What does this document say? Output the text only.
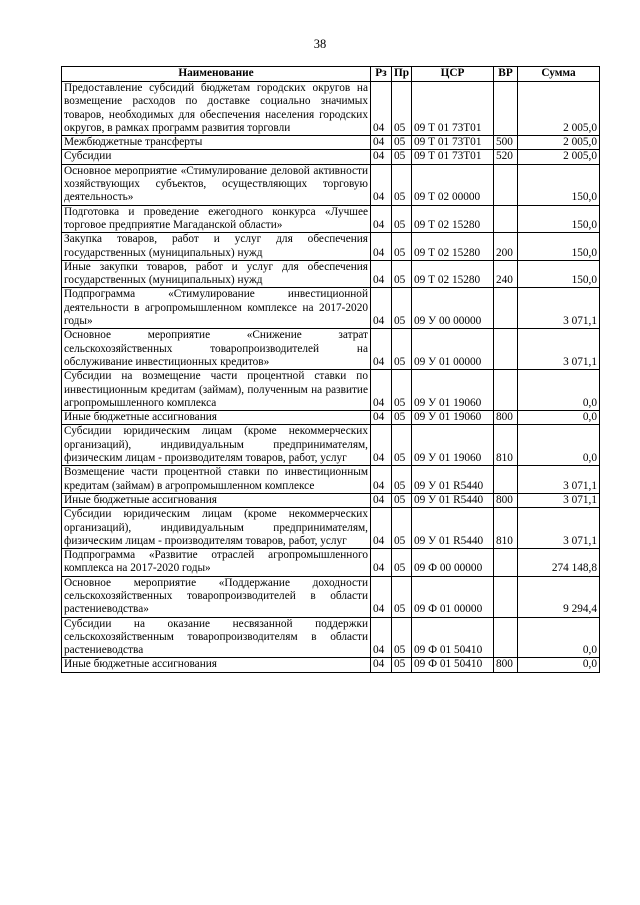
38
Наименование	Рз	Пр	ЦСР	ВР	Сумма
Предоставление субсидий бюджетам городских округов на возмещение расходов по доставке социально значимых товаров, необходимых для обеспечения населения городских округов, в рамках программ развития торговли	04	05	09 Т 01 73Т01		2 005,0
Межбюджетные трансферты	04	05	09 Т 01 73Т01	500	2 005,0
Субсидии	04	05	09 Т 01 73Т01	520	2 005,0
Основное мероприятие «Стимулирование деловой активности хозяйствующих субъектов, осуществляющих торговую деятельность»	04	05	09 Т 02 00000		150,0
Подготовка и проведение ежегодного конкурса «Лучшее торговое предприятие Магаданской области»	04	05	09 Т 02 15280		150,0
Закупка товаров, работ и услуг для обеспечения государственных (муниципальных) нужд	04	05	09 Т 02 15280	200	150,0
Иные закупки товаров, работ и услуг для обеспечения государственных (муниципальных) нужд	04	05	09 Т 02 15280	240	150,0
Подпрограмма «Стимулирование инвестиционной деятельности в агропромышленном комплексе на 2017-2020 годы»	04	05	09 У 00 00000		3 071,1
Основное мероприятие «Снижение затрат сельскохозяйственных товаропроизводителей на обслуживание инвестиционных кредитов»	04	05	09 У 01 00000		3 071,1
Субсидии на возмещение части процентной ставки по инвестиционным кредитам (займам), полученным на развитие агропромышленного комплекса	04	05	09 У 01 19060		0,0
Иные бюджетные ассигнования	04	05	09 У 01 19060	800	0,0
Субсидии юридическим лицам (кроме некоммерческих организаций), индивидуальным предпринимателям, физическим лицам - производителям товаров, работ, услуг	04	05	09 У 01 19060	810	0,0
Возмещение части процентной ставки по инвестиционным кредитам (займам) в агропромышленном комплексе	04	05	09 У 01 R5440		3 071,1
Иные бюджетные ассигнования	04	05	09 У 01 R5440	800	3 071,1
Субсидии юридическим лицам (кроме некоммерческих организаций), индивидуальным предпринимателям, физическим лицам - производителям товаров, работ, услуг	04	05	09 У 01 R5440	810	3 071,1
Подпрограмма «Развитие отраслей агропромышленного комплекса на 2017-2020 годы»	04	05	09 Ф 00 00000		274 148,8
Основное мероприятие «Поддержание доходности сельскохозяйственных товаропроизводителей в области растениеводства»	04	05	09 Ф 01 00000		9 294,4
Субсидии на оказание несвязанной поддержки сельскохозяйственным товаропроизводителям в области растениеводства	04	05	09 Ф 01 50410		0,0
Иные бюджетные ассигнования	04	05	09 Ф 01 50410	800	0,0
